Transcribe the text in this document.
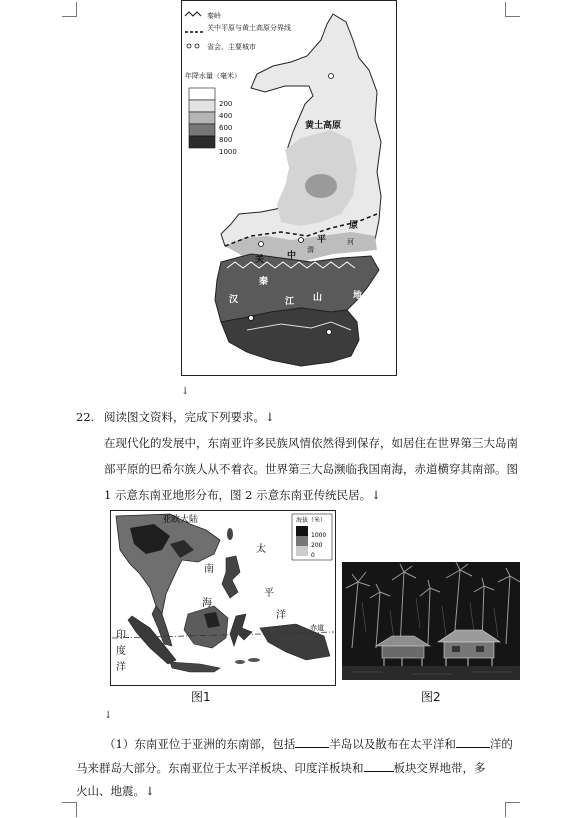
秦岭
关中平原与黄土高原分界线
省会、主要城市
年降水量（毫米）
200
400
600
800
1000
黄土高原
原
河
平
中
关
渭
秦
山	地
江
汉
巴
↓
22. 阅读图文资料，完成下列要求。↓
在现代化的发展中，东南亚许多民族风情依然得到保存，如居住在世界第三大岛南
部平原的巴希尔族人从不着衣。世界第三大岛濒临我国南海，赤道横穿其南部。图
1 示意东南亚地形分布，图 2 示意东南亚传统民居。↓
赤道
亚欧大陆
太
平
洋
南
海
印
度
洋
海拔（米）
1000
200
0
图1	图2
↓
（1）东南亚位于亚洲的东南部，包括	半岛以及散布在太平洋和	洋的
马来群岛大部分。东南亚位于太平洋板块、印度洋板块和	板块交界地带，多
火山、地震。↓
